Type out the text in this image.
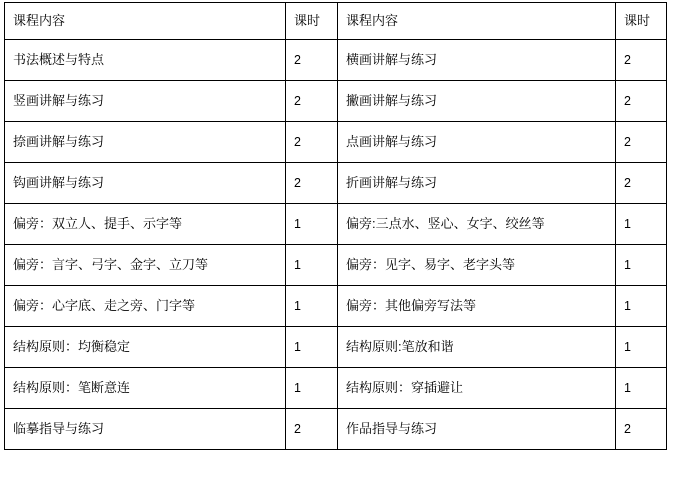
课程内容	课时	课程内容	课时
书法概述与特点	2	横画讲解与练习	2
竖画讲解与练习	2	撇画讲解与练习	2
捺画讲解与练习	2	点画讲解与练习	2
钩画讲解与练习	2	折画讲解与练习	2
偏旁：双立人、提手、示字等	1	偏旁:三点水、竖心、女字、绞丝等	1
偏旁：言字、弓字、金字、立刀等	1	偏旁：见字、易字、老字头等	1
偏旁：心字底、走之旁、门字等	1	偏旁：其他偏旁写法等	1
结构原则：均衡稳定	1	结构原则:笔放和谐	1
结构原则：笔断意连	1	结构原则：穿插避让	1
临摹指导与练习	2	作品指导与练习	2
